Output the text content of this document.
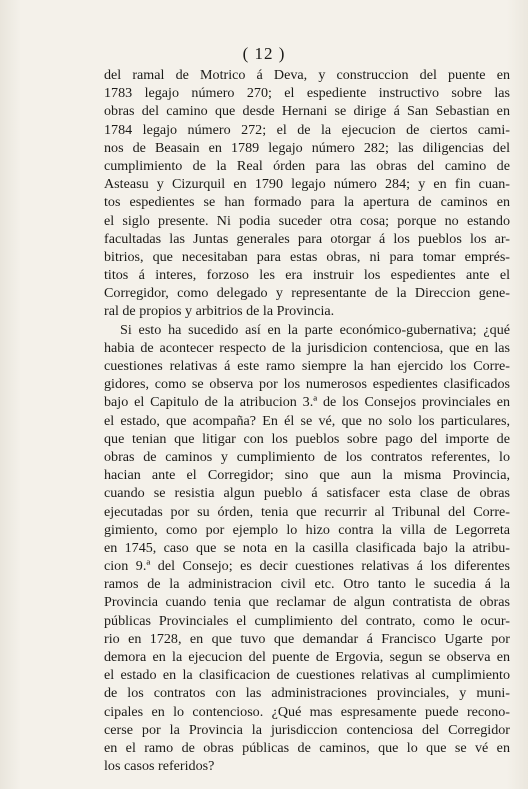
( 12 )
del ramal de Motrico á Deva, y construccion del puente en
1783 legajo número 270; el espediente instructivo sobre las
obras del camino que desde Hernani se dirige á San Sebastian en
1784 legajo número 272; el de la ejecucion de ciertos cami-
nos de Beasain en 1789 legajo número 282; las diligencias del
cumplimiento de la Real órden para las obras del camino de
Asteasu y Cizurquil en 1790 legajo número 284; y en fin cuan-
tos espedientes se han formado para la apertura de caminos en
el siglo presente. Ni podia suceder otra cosa; porque no estando
facultadas las Juntas generales para otorgar á los pueblos los ar-
bitrios, que necesitaban para estas obras, ni para tomar emprés-
titos á interes, forzoso les era instruir los espedientes ante el
Corregidor, como delegado y representante de la Direccion gene-
ral de propios y arbitrios de la Provincia.
Si esto ha sucedido así en la parte económico-gubernativa; ¿qué
habia de acontecer respecto de la jurisdicion contenciosa, que en las
cuestiones relativas á este ramo siempre la han ejercido los Corre-
gidores, como se observa por los numerosos espedientes clasificados
bajo el Capitulo de la atribucion 3.ª de los Consejos provinciales en
el estado, que acompaña? En él se vé, que no solo los particulares,
que tenian que litigar con los pueblos sobre pago del importe de
obras de caminos y cumplimiento de los contratos referentes, lo
hacian ante el Corregidor; sino que aun la misma Provincia,
cuando se resistia algun pueblo á satisfacer esta clase de obras
ejecutadas por su órden, tenia que recurrir al Tribunal del Corre-
gimiento, como por ejemplo lo hizo contra la villa de Legorreta
en 1745, caso que se nota en la casilla clasificada bajo la atribu-
cion 9.ª del Consejo; es decir cuestiones relativas á los diferentes
ramos de la administracion civil etc. Otro tanto le sucedia á la
Provincia cuando tenia que reclamar de algun contratista de obras
públicas Provinciales el cumplimiento del contrato, como le ocur-
rio en 1728, en que tuvo que demandar á Francisco Ugarte por
demora en la ejecucion del puente de Ergovia, segun se observa en
el estado en la clasificacion de cuestiones relativas al cumplimiento
de los contratos con las administraciones provinciales, y muni-
cipales en lo contencioso. ¿Qué mas espresamente puede recono-
cerse por la Provincia la jurisdiccion contenciosa del Corregidor
en el ramo de obras públicas de caminos, que lo que se vé en
los casos referidos?
